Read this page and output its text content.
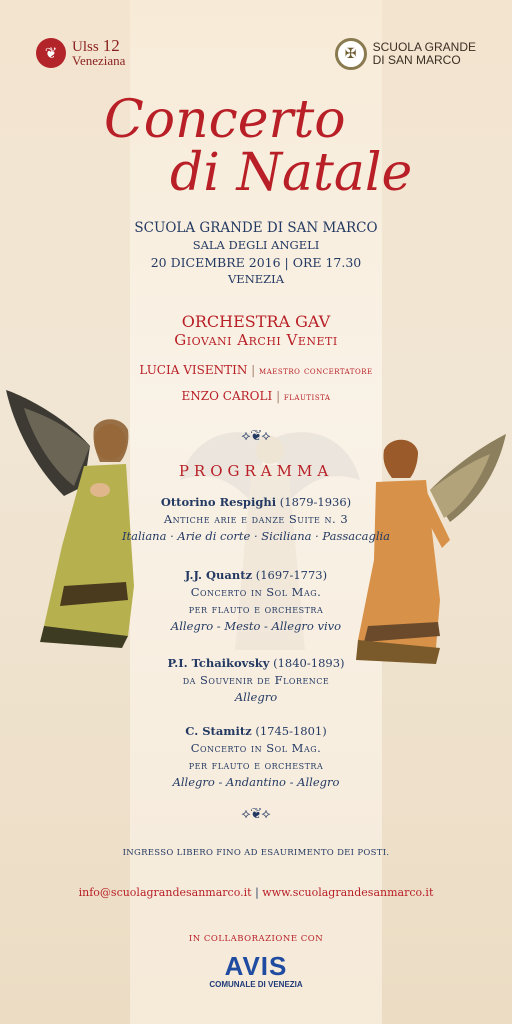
❦ Ulss 12
Veneziana	✠	SCUOLA GRANDE
DI SAN MARCO
Concerto
di Natale
SCUOLA GRANDE DI SAN MARCO
SALA DEGLI ANGELI
20 DICEMBRE 2016 | ORE 17.30
VENEZIA
ORCHESTRA GAV
Giovani Archi Veneti
LUCIA VISENTIN | maestro concertatore
ENZO CAROLI | flautista
⟡❦⟡
PROGRAMMA
Ottorino Respighi (1879-1936)
Antiche arie e danze Suite n. 3
Italiana · Arie di corte · Siciliana · Passacaglia
J.J. Quantz (1697-1773)
Concerto in Sol Mag.
per flauto e orchestra
Allegro - Mesto - Allegro vivo
P.I. Tchaikovsky (1840-1893)
da Souvenir de Florence
Allegro
C. Stamitz (1745-1801)
Concerto in Sol Mag.
per flauto e orchestra
Allegro - Andantino - Allegro
⟡❦⟡
INGRESSO LIBERO FINO AD ESAURIMENTO DEI POSTI.
info@scuolagrandesanmarco.it | www.scuolagrandesanmarco.it
IN COLLABORAZIONE CON
AVIS
COMUNALE DI VENEZIA
